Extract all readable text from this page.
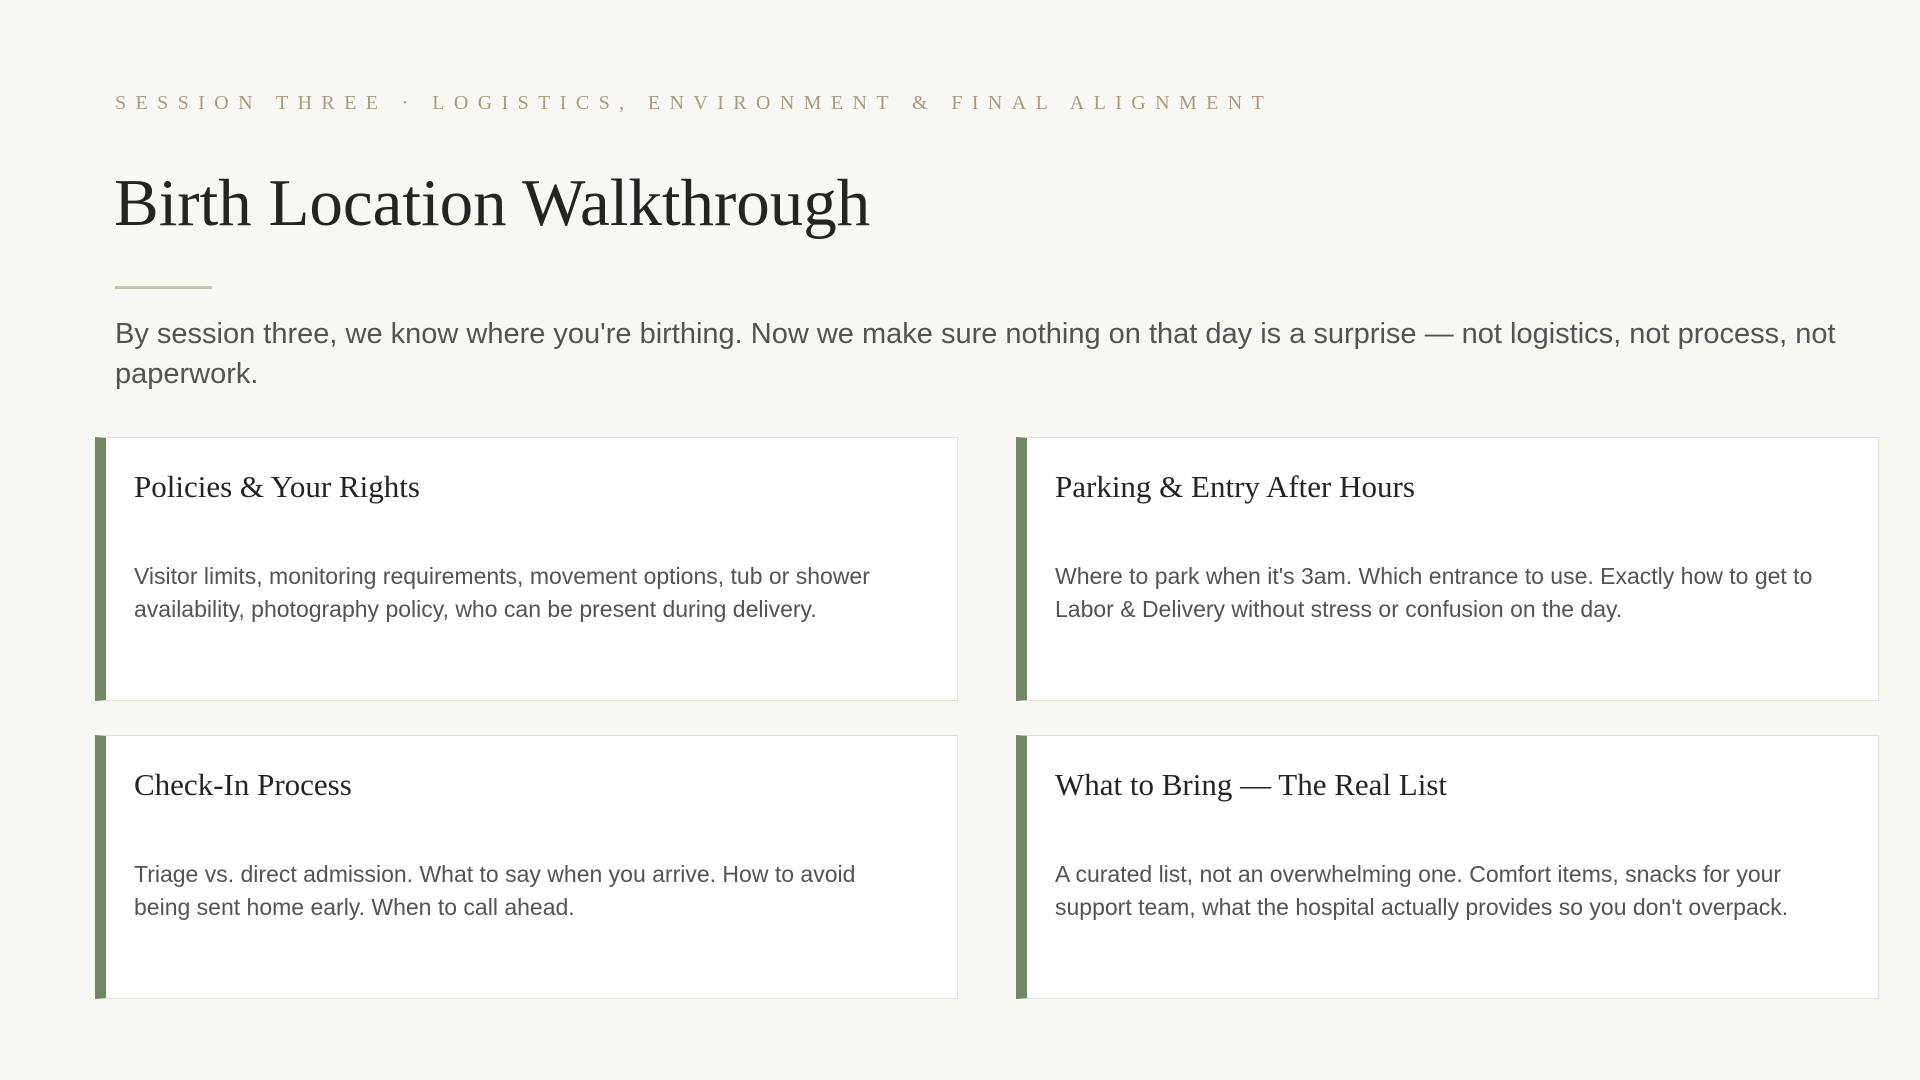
SESSION THREE · LOGISTICS, ENVIRONMENT & FINAL ALIGNMENT
Birth Location Walkthrough

By session three, we know where you're birthing. Now we make sure nothing on that day is a surprise — not logistics, not process, not paperwork.

Policies & Your Rights

Visitor limits, monitoring requirements, movement options, tub or shower availability, photography policy, who can be present during delivery.

Parking & Entry After Hours

Where to park when it's 3am. Which entrance to use. Exactly how to get to Labor & Delivery without stress or confusion on the day.

Check-In Process

Triage vs. direct admission. What to say when you arrive. How to avoid being sent home early. When to call ahead.

What to Bring — The Real List

A curated list, not an overwhelming one. Comfort items, snacks for your support team, what the hospital actually provides so you don't overpack.
